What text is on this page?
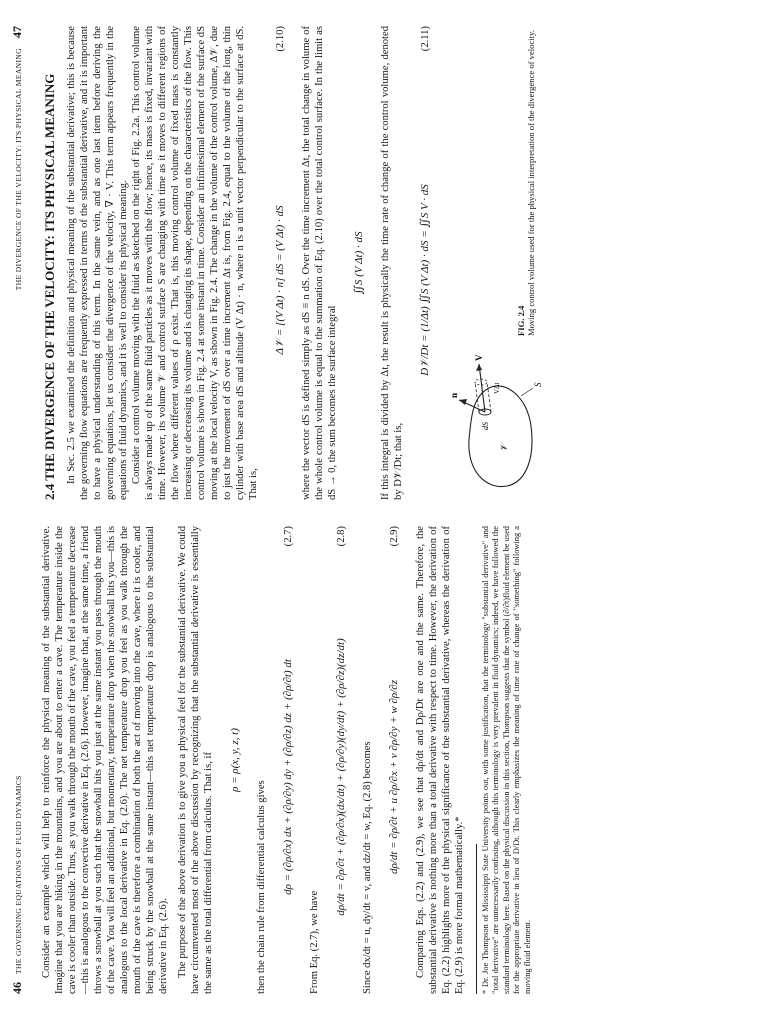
46
THE GOVERNING EQUATIONS OF FLUID DYNAMICS Consider an example which will help to reinforce the physical meaning of the substantial derivative. Imagine that you are hiking in the mountains, and you are about to enter a cave. The temperature inside the cave is cooler than outside. Thus, as you walk through the mouth of the cave, you feel a temperature decrease—this is analogous to the convective derivative in Eq. (2.6). However, imagine that, at the same time, a friend throws a snowball at you such that the snowball hits you just at the same instant you pass through the mouth of the cave. You will feel an additional, but momentary, temperature drop when the snowball hits you—this is analogous to the local derivative in Eq. (2.6). The net temperature drop you feel as you walk through the mouth of the cave is therefore a combination of both the act of moving into the cave, where it is cooler, and being struck by the snowball at the same instant—this net temperature drop is analogous to the substantial derivative in Eq. (2.6). The purpose of the above derivation is to give you a physical feel for the substantial derivative. We could have circumvented most of the above discussion by recognizing that the substantial derivative is essentially the same as the total differential from calculus. That is, if ρ = ρ(x, y, z, t)

then the chain rule from differential calculus gives dρ = (∂ρ/∂x) dx + (∂ρ/∂y) dy + (∂ρ/∂z) dz + (∂ρ/∂t) dt
(2.7)

From Eq. (2.7), we have

dρ/dt = ∂ρ/∂t + (∂ρ/∂x)(dx/dt) + (∂ρ/∂y)(dy/dt) + (∂ρ/∂z)(dz/dt)
(2.8)

Since dx/dt = u, dy/dt = v, and dz/dt = w, Eq. (2.8) becomes dρ/dt = ∂ρ/∂t + u ∂ρ/∂x + v ∂ρ/∂y + w ∂ρ/∂z
(2.9) Comparing Eqs. (2.2) and (2.9), we see that dρ/dt and Dρ/Dt are one and the same. Therefore, the substantial derivative is nothing more than a total derivative with respect to time. However, the derivation of Eq. (2.2) highlights more of the physical significance of the substantial derivative, whereas the derivation of Eq. (2.9) is more formal mathematically.* * Dr. Joe Thompson of Mississippi State University points out, with some justification, that the terminology "substantial derivative" and "total derivative" are unnecessarily confusing, although this terminology is very prevalent in fluid dynamics; indeed, we have followed the standard terminology here. Based on the physical discussion in this section, Thompson suggests that the symbol (∂/∂t)fluid element be used for the appropriate derivative in lieu of D/Dt. This clearly emphasizes the meaning of time rate of change of "something" following a moving fluid element.
THE DIVERGENCE OF THE VELOCITY: ITS PHYSICAL MEANING
47
2.4 THE DIVERGENCE OF THE VELOCITY: ITS PHYSICAL MEANING In Sec. 2.5 we examined the definition and physical meaning of the substantial derivative; this is because the governing flow equations are frequently expressed in terms of the substantial derivative, and it is important to have a physical understanding of this term. In the same vein, and as one last item before deriving the governing equations, let us consider the divergence of the velocity, ∇ · V. This term appears frequently in the equations of fluid dynamics, and it is well to consider its physical meaning. Consider a control volume moving with the fluid as sketched on the right of Fig. 2.2a. This control volume is always made up of the same fluid particles as it moves with the flow; hence, its mass is fixed, invariant with time. However, its volume 𝒱 and control surface S are changing with time as it moves to different regions of the flow where different values of ρ exist. That is, this moving control volume of fixed mass is constantly increasing or decreasing its volume and is changing its shape, depending on the characteristics of the flow. This control volume is shown in Fig. 2.4 at some instant in time. Consider an infinitesimal element of the surface dS moving at the local velocity V, as shown in Fig. 2.4. The change in the volume of the control volume, Δ𝒱, due to just the movement of dS over a time increment Δt is, from Fig. 2.4, equal to the volume of the long, thin cylinder with base area dS and altitude (V Δt) · n, where n is a unit vector perpendicular to the surface at dS. That is,

Δ𝒱 = [(V Δt) · n] dS = (V Δt) · dS
(2.10) where the vector dS is defined simply as dS ≡ n dS. Over the time increment Δt, the total change in volume of the whole control volume is equal to the summation of Eq. (2.10) over the total control surface. In the limit as dS → 0, the sum becomes the surface integral

∬S (V Δt) · dS If this integral is divided by Δt, the result is physically the time rate of change of the control volume, denoted by D𝒱/Dt; that is,

D𝒱/Dt = (1/Δt) ∬S (V Δt) · dS = ∬S V · dS
(2.11)
n
V
dS
VΔt
𝒱
S
FIG. 2.4 Moving control volume used for the physical interpretation of the divergence of velocity.
